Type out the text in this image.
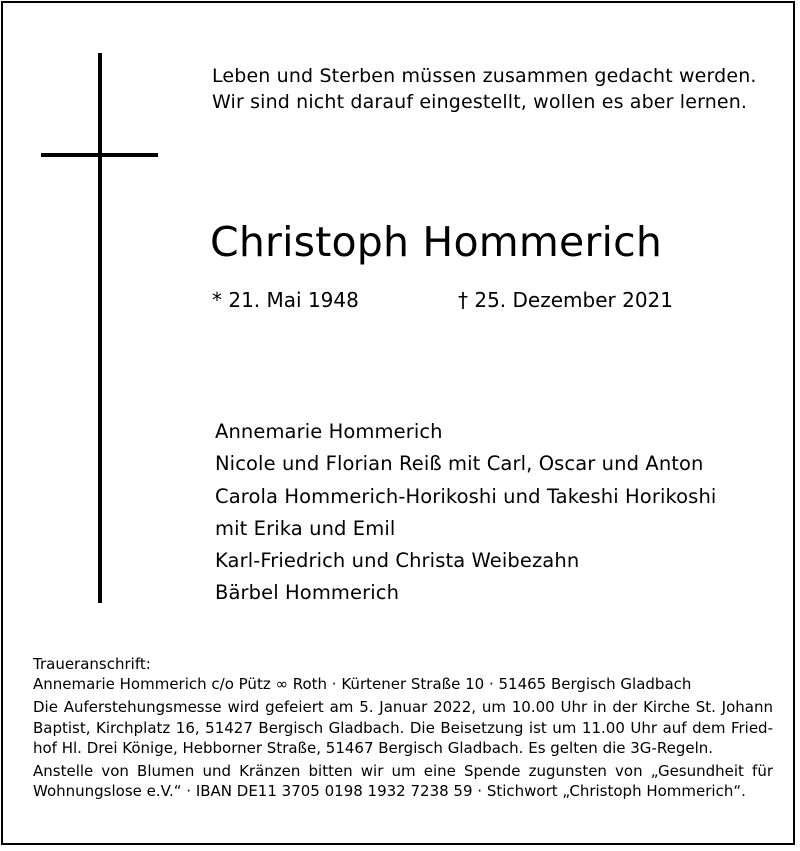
Leben und Sterben müssen zusammen gedacht werden.
Wir sind nicht darauf eingestellt, wollen es aber lernen.
Christoph Hommerich
* 21. Mai 1948	† 25. Dezember 2021
Annemarie Hommerich
Nicole und Florian Reiß mit Carl, Oscar und Anton
Carola Hommerich-Horikoshi und Takeshi Horikoshi
mit Erika und Emil
Karl-Friedrich und Christa Weibezahn
Bärbel Hommerich
Traueranschrift:
Annemarie Hommerich c/o Pütz ∞ Roth · Kürtener Straße 10 · 51465 Bergisch Gladbach
Die Auferstehungsmesse wird gefeiert am 5. Januar 2022, um 10.00 Uhr in der Kirche St. Johann
Baptist, Kirchplatz 16, 51427 Bergisch Gladbach. Die Beisetzung ist um 11.00 Uhr auf dem Fried-
hof Hl. Drei Könige, Hebborner Straße, 51467 Bergisch Gladbach. Es gelten die 3G-Regeln.
Anstelle von Blumen und Kränzen bitten wir um eine Spende zugunsten von „Gesundheit für
Wohnungslose e.V.“ · IBAN DE11 3705 0198 1932 7238 59 · Stichwort „Christoph Hommerich“.
